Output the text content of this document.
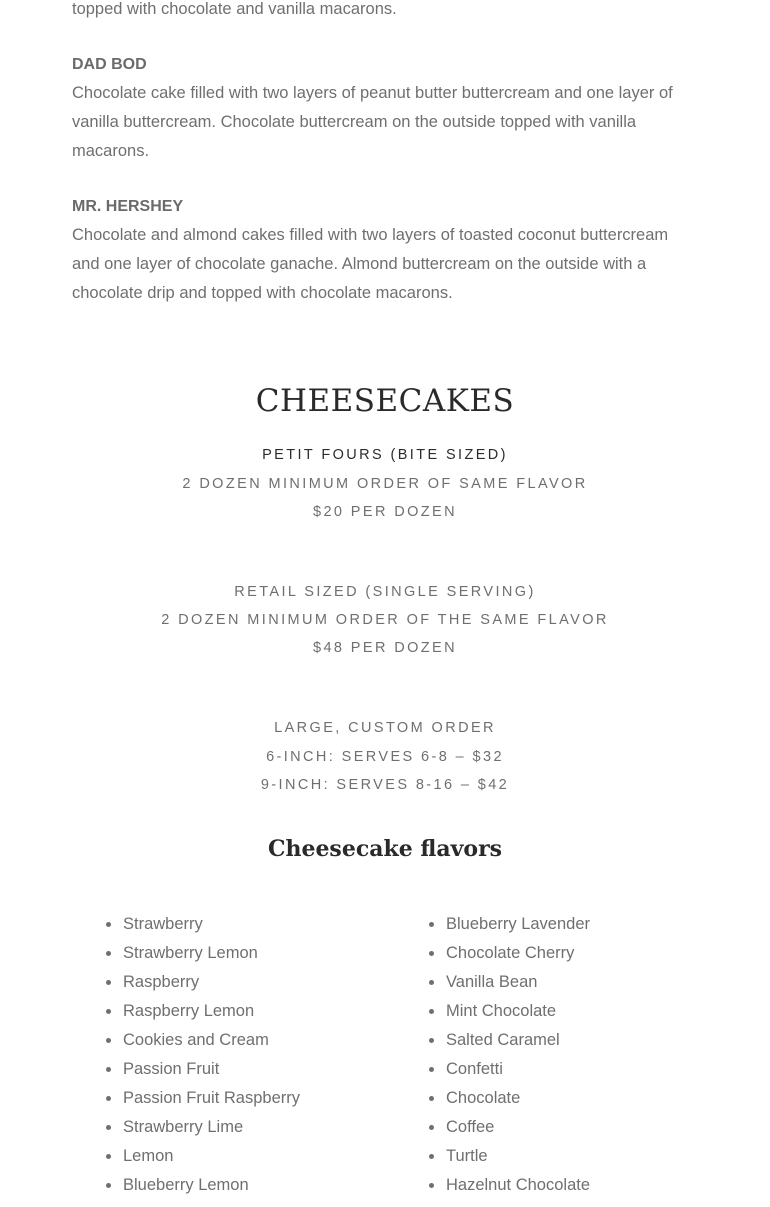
topped with chocolate and vanilla macarons.

DAD BOD

Chocolate cake filled with two layers of peanut butter buttercream and one layer of vanilla buttercream. Chocolate buttercream on the outside topped with vanilla macarons.

MR. HERSHEY

Chocolate and almond cakes filled with two layers of toasted coconut buttercream and one layer of chocolate ganache. Almond buttercream on the outside with a chocolate drip and topped with chocolate macarons.

CHEESECAKES
PETIT FOURS (BITE SIZED)
2 DOZEN MINIMUM ORDER OF SAME FLAVOR
$20 PER DOZEN
RETAIL SIZED (SINGLE SERVING)
2 DOZEN MINIMUM ORDER OF THE SAME FLAVOR
$48 PER DOZEN
LARGE, CUSTOM ORDER
6-INCH: SERVES 6-8 – $32
9-INCH: SERVES 8-16 – $42
Cheesecake flavors
Strawberry
Strawberry Lemon
Raspberry
Raspberry Lemon
Cookies and Cream
Passion Fruit
Passion Fruit Raspberry
Strawberry Lime
Lemon
Blueberry Lemon
Blueberry Lavender
Chocolate Cherry
Vanilla Bean
Mint Chocolate
Salted Caramel
Confetti
Chocolate
Coffee
Turtle
Hazelnut Chocolate
